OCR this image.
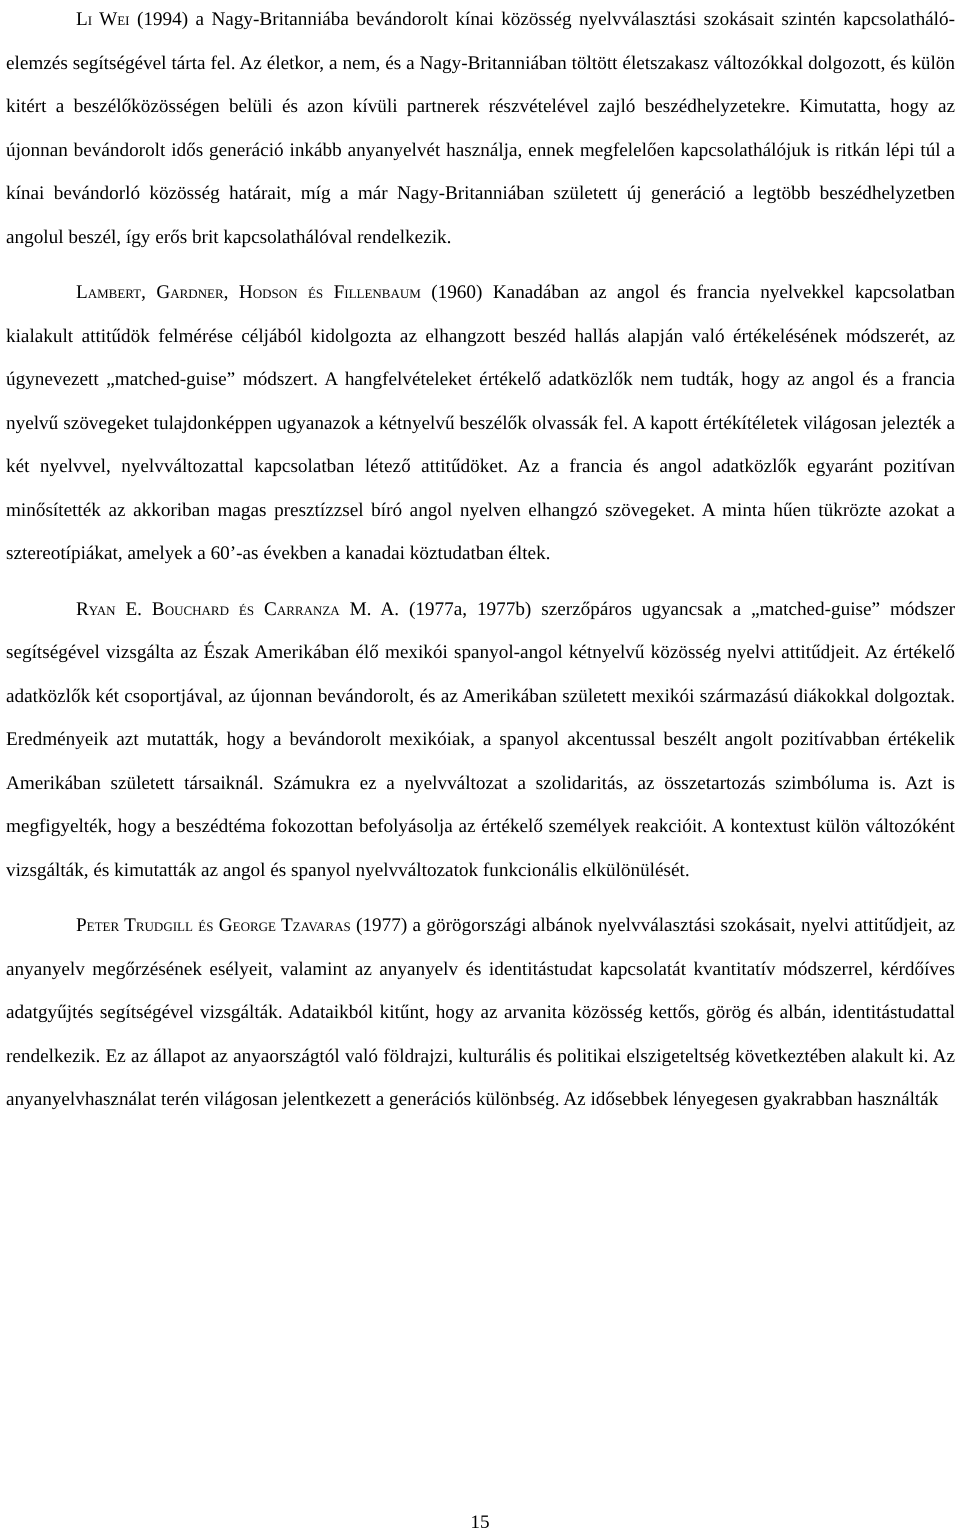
Li Wei (1994) a Nagy-Britanniába bevándorolt kínai közösség nyelvválasztási szokásait szintén kapcsolatháló-elemzés segítségével tárta fel. Az életkor, a nem, és a Nagy-Britanniában töltött életszakasz változókkal dolgozott, és külön kitért a beszélőközösségen belüli és azon kívüli partnerek részvételével zajló beszédhelyzetekre. Kimutatta, hogy az újonnan bevándorolt idős generáció inkább anyanyelvét használja, ennek megfelelően kapcsolathálójuk is ritkán lépi túl a kínai bevándorló közösség határait, míg a már Nagy-Britanniában született új generáció a legtöbb beszédhelyzetben angolul beszél, így erős brit kapcsolathálóval rendelkezik.

Lambert, Gardner, Hodson és Fillenbaum (1960) Kanadában az angol és francia nyelvekkel kapcsolatban kialakult attitűdök felmérése céljából kidolgozta az elhangzott beszéd hallás alapján való értékelésének módszerét, az úgynevezett „matched-guise” módszert. A hangfelvételeket értékelő adatközlők nem tudták, hogy az angol és a francia nyelvű szövegeket tulajdonképpen ugyanazok a kétnyelvű beszélők olvassák fel. A kapott értékítéletek világosan jelezték a két nyelvvel, nyelvváltozattal kapcsolatban létező attitűdöket. Az a francia és angol adatközlők egyaránt pozitívan minősítették az akkoriban magas presztízzsel bíró angol nyelven elhangzó szövegeket. A minta hűen tükrözte azokat a sztereotípiákat, amelyek a 60’-as években a kanadai köztudatban éltek.

Ryan E. Bouchard és Carranza M. A. (1977a, 1977b) szerzőpáros ugyancsak a „matched-guise” módszer segítségével vizsgálta az Észak Amerikában élő mexikói spanyol-angol kétnyelvű közösség nyelvi attitűdjeit. Az értékelő adatközlők két csoportjával, az újonnan bevándorolt, és az Amerikában született mexikói származású diákokkal dolgoztak. Eredményeik azt mutatták, hogy a bevándorolt mexikóiak, a spanyol akcentussal beszélt angolt pozitívabban értékelik Amerikában született társaiknál. Számukra ez a nyelvváltozat a szolidaritás, az összetartozás szimbóluma is. Azt is megfigyelték, hogy a beszédtéma fokozottan befolyásolja az értékelő személyek reakcióit. A kontextust külön változóként vizsgálták, és kimutatták az angol és spanyol nyelvváltozatok funkcionális elkülönülését.

Peter Trudgill és George Tzavaras (1977) a görögországi albánok nyelvválasztási szokásait, nyelvi attitűdjeit, az anyanyelv megőrzésének esélyeit, valamint az anyanyelv és identitástudat kapcsolatát kvantitatív módszerrel, kérdőíves adatgyűjtés segítségével vizsgálták. Adataikból kitűnt, hogy az arvanita közösség kettős, görög és albán, identitástudattal rendelkezik. Ez az állapot az anyaországtól való földrajzi, kulturális és politikai elszigeteltség következtében alakult ki. Az anyanyelvhasználat terén világosan jelentkezett a generációs különbség. Az idősebbek lényegesen gyakrabban használták

15
